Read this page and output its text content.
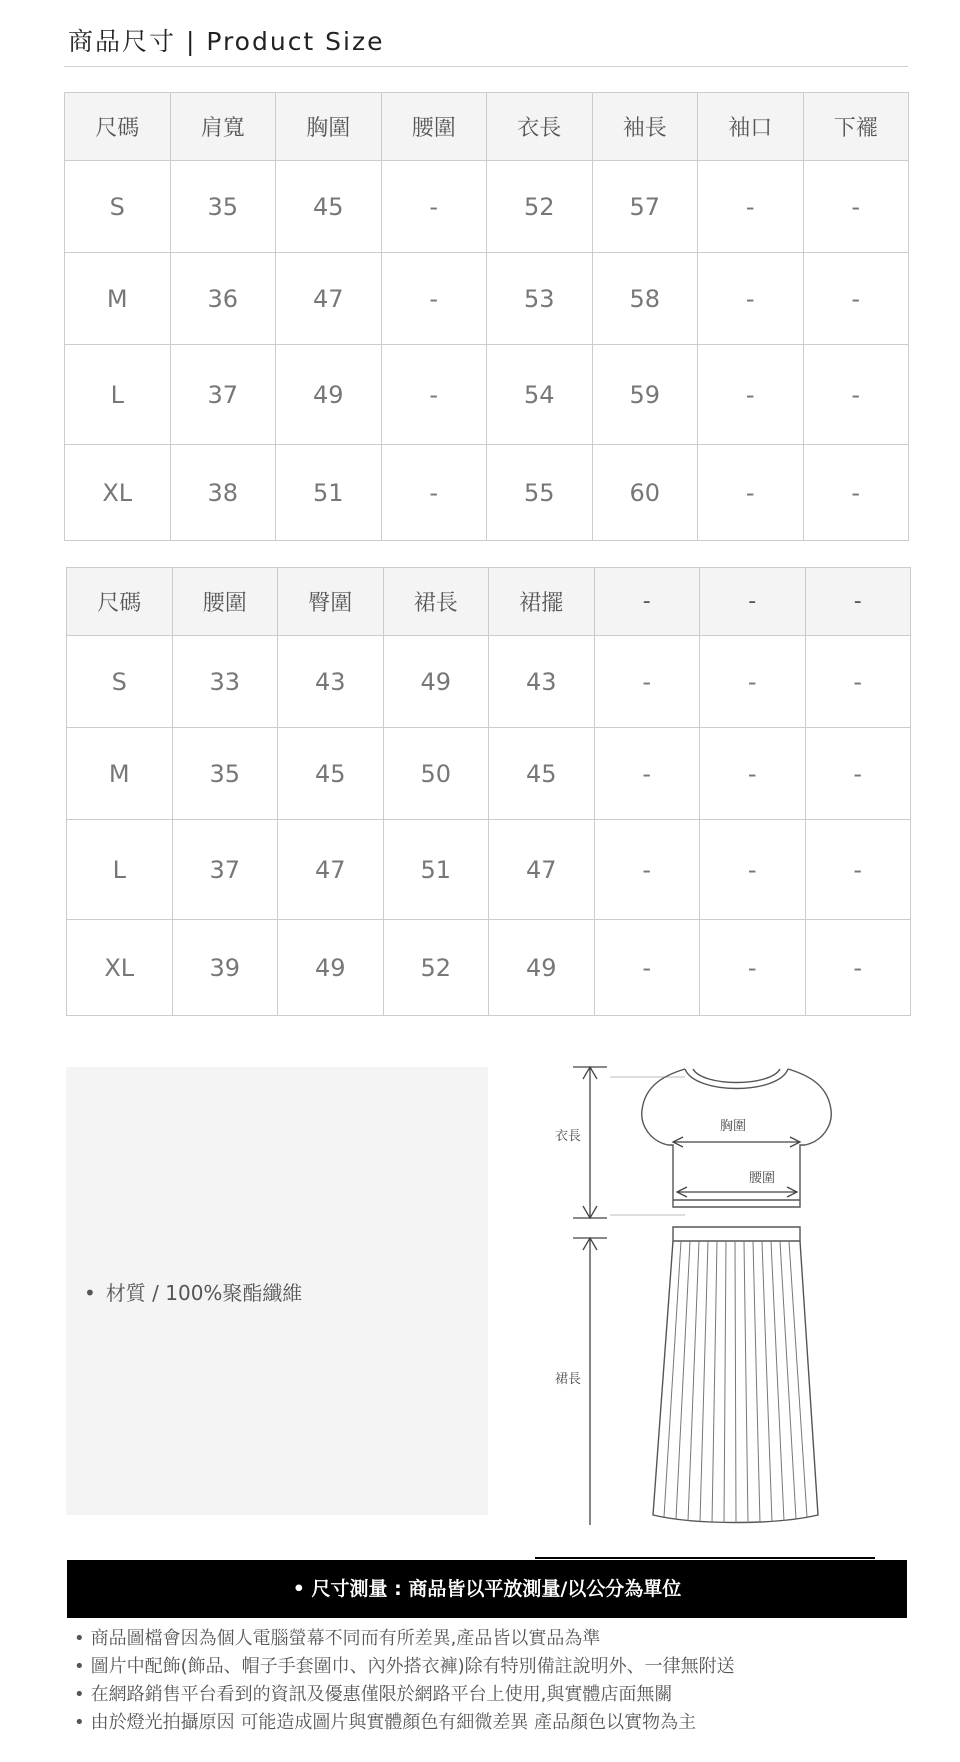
商品尺寸 | Product Size
尺碼	肩寬	胸圍	腰圍	衣長	袖長	袖口	下襬
S	35	45	-	52	57	-	-
M	36	47	-	53	58	-	-
L	37	49	-	54	59	-	-
XL	38	51	-	55	60	-	-
尺碼	腰圍	臀圍	裙長	裙擺	-	-	-
S	33	43	49	43	-	-	-
M	35	45	50	45	-	-	-
L	37	47	51	47	-	-	-
XL	39	49	52	49	-	-	-
• 材質 / 100%聚酯纖維
衣長
裙長
胸圍
腰圍
• 尺寸測量 : 商品皆以平放測量/以公分為單位
• 商品圖檔會因為個人電腦螢幕不同而有所差異,產品皆以實品為準
• 圖片中配飾(飾品、帽子手套圍巾、內外搭衣褲)除有特別備註說明外、一律無附送
• 在網路銷售平台看到的資訊及優惠僅限於網路平台上使用,與實體店面無關
• 由於燈光拍攝原因 可能造成圖片與實體顏色有細微差異 產品顏色以實物為主
